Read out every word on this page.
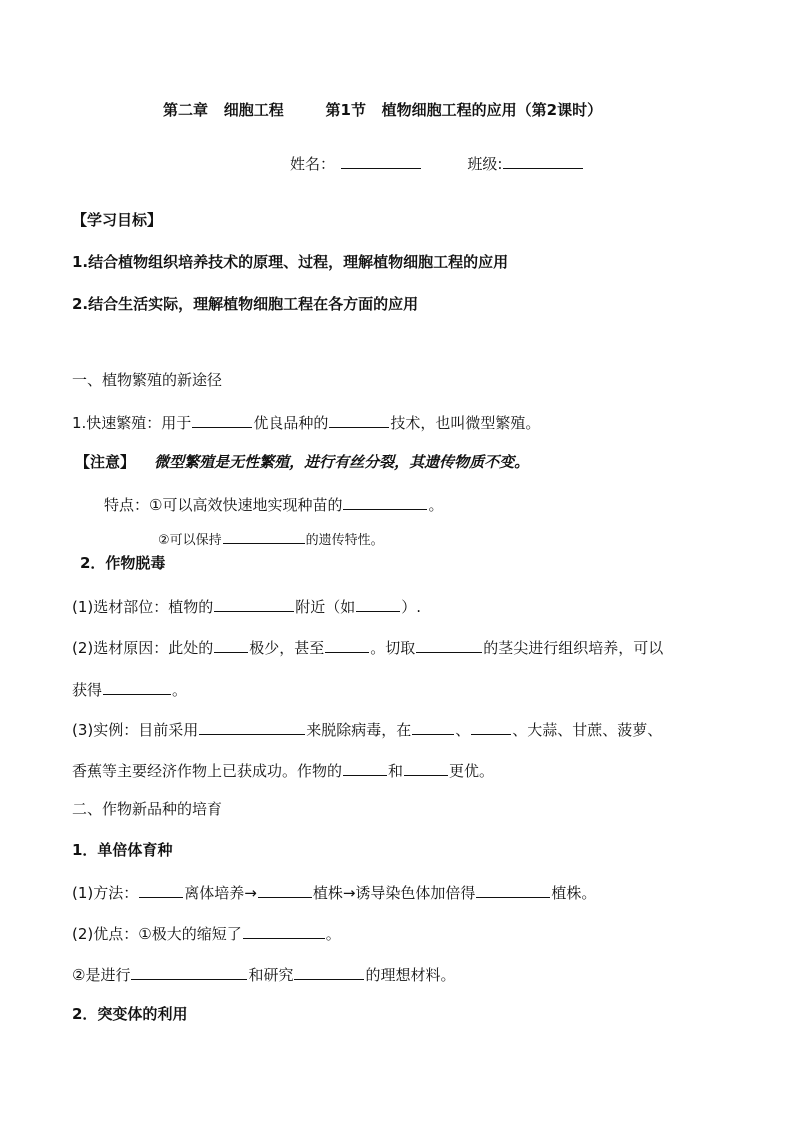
第二章 细胞工程	第1节 植物细胞工程的应用（第2课时）
姓名：	班级:
【学习目标】
1.结合植物组织培养技术的原理、过程，理解植物细胞工程的应用
2.结合生活实际，理解植物细胞工程在各方面的应用
一、植物繁殖的新途径
1.快速繁殖：用于	优良品种的	技术，也叫微型繁殖。
【注意】 微型繁殖是无性繁殖，进行有丝分裂，其遗传物质不变。
特点：①可以高效快速地实现种苗的	。
②可以保持	的遗传特性。
2．作物脱毒
(1)选材部位：植物的	附近（如	）.
(2)选材原因：此处的 极少，甚至	。切取	的茎尖进行组织培养，可以
获得	。
(3)实例：目前采用	来脱除病毒，在	、	、大蒜、甘蔗、菠萝、
香蕉等主要经济作物上已获成功。作物的	和	更优。
二、作物新品种的培育
1．单倍体育种
(1)方法：	离体培养→	植株→诱导染色体加倍得	植株。
(2)优点：①极大的缩短了	。
②是进行	和研究	的理想材料。
2．突变体的利用
